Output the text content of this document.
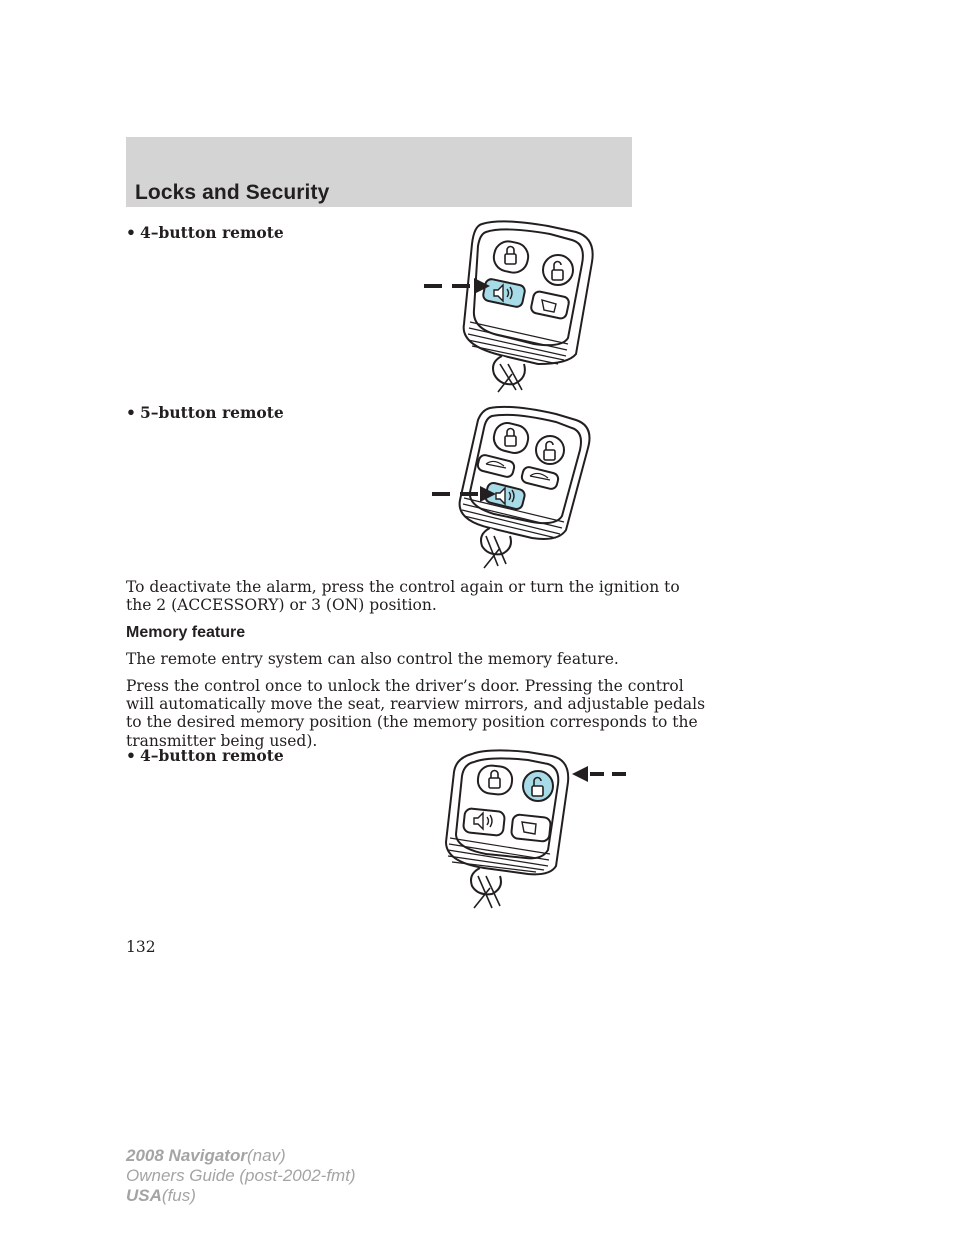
Locks and Security
• 4–button remote
• 5–button remote

To deactivate the alarm, press the control again or turn the ignition to
the 2 (ACCESSORY) or 3 (ON) position.

Memory feature

The remote entry system can also control the memory feature.

Press the control once to unlock the driver’s door. Pressing the control
will automatically move the seat, rearview mirrors, and adjustable pedals
to the desired memory position (the memory position corresponds to the
transmitter being used).

• 4–button remote
132
2008 Navigator(nav)
Owners Guide (post-2002-fmt)
USA(fus)
